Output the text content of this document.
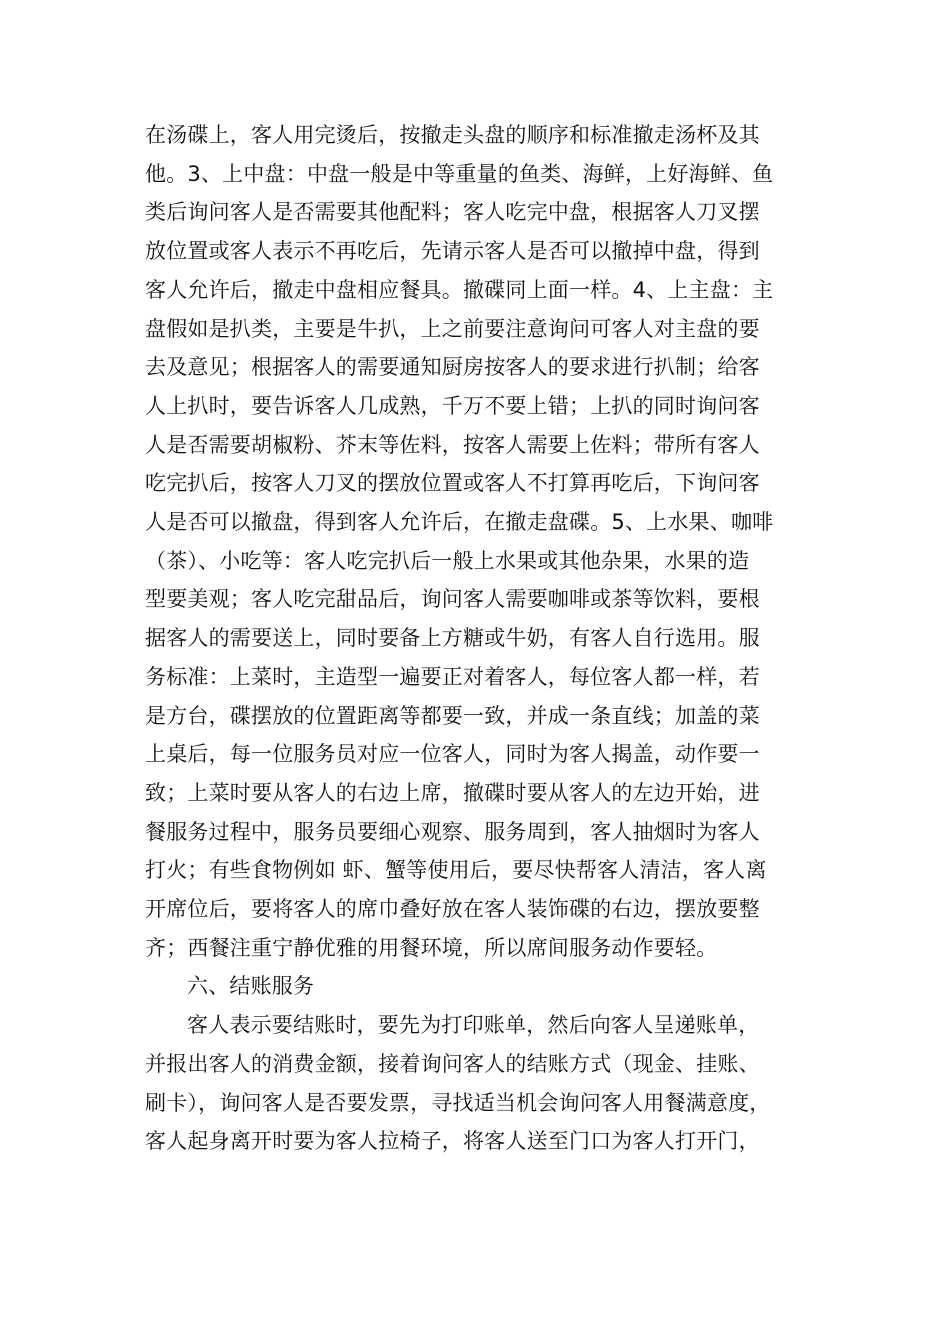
在汤碟上，客人用完烫后，按撤走头盘的顺序和标准撤走汤杯及其
他。3、上中盘：中盘一般是中等重量的鱼类、海鲜，上好海鲜、鱼
类后询问客人是否需要其他配料；客人吃完中盘，根据客人刀叉摆
放位置或客人表示不再吃后，先请示客人是否可以撤掉中盘，得到
客人允许后，撤走中盘相应餐具。撤碟同上面一样。4、上主盘：主
盘假如是扒类，主要是牛扒，上之前要注意询问可客人对主盘的要
去及意见；根据客人的需要通知厨房按客人的要求进行扒制；给客
人上扒时，要告诉客人几成熟，千万不要上错；上扒的同时询问客
人是否需要胡椒粉、芥末等佐料，按客人需要上佐料；带所有客人
吃完扒后，按客人刀叉的摆放位置或客人不打算再吃后，下询问客
人是否可以撤盘，得到客人允许后，在撤走盘碟。5、上水果、咖啡
（茶）、小吃等：客人吃完扒后一般上水果或其他杂果，水果的造
型要美观；客人吃完甜品后，询问客人需要咖啡或茶等饮料，要根
据客人的需要送上，同时要备上方糖或牛奶，有客人自行选用。服
务标准：上菜时，主造型一遍要正对着客人，每位客人都一样，若
是方台，碟摆放的位置距离等都要一致，并成一条直线；加盖的菜
上桌后，每一位服务员对应一位客人，同时为客人揭盖，动作要一
致；上菜时要从客人的右边上席，撤碟时要从客人的左边开始，进
餐服务过程中，服务员要细心观察、服务周到，客人抽烟时为客人
打火；有些食物例如 虾、蟹等使用后，要尽快帮客人清洁，客人离
开席位后，要将客人的席巾叠好放在客人装饰碟的右边，摆放要整
齐；西餐注重宁静优雅的用餐环境，所以席间服务动作要轻。
六、结账服务
客人表示要结账时，要先为打印账单，然后向客人呈递账单，
并报出客人的消费金额，接着询问客人的结账方式（现金、挂账、
刷卡），询问客人是否要发票，寻找适当机会询问客人用餐满意度，
客人起身离开时要为客人拉椅子，将客人送至门口为客人打开门，
